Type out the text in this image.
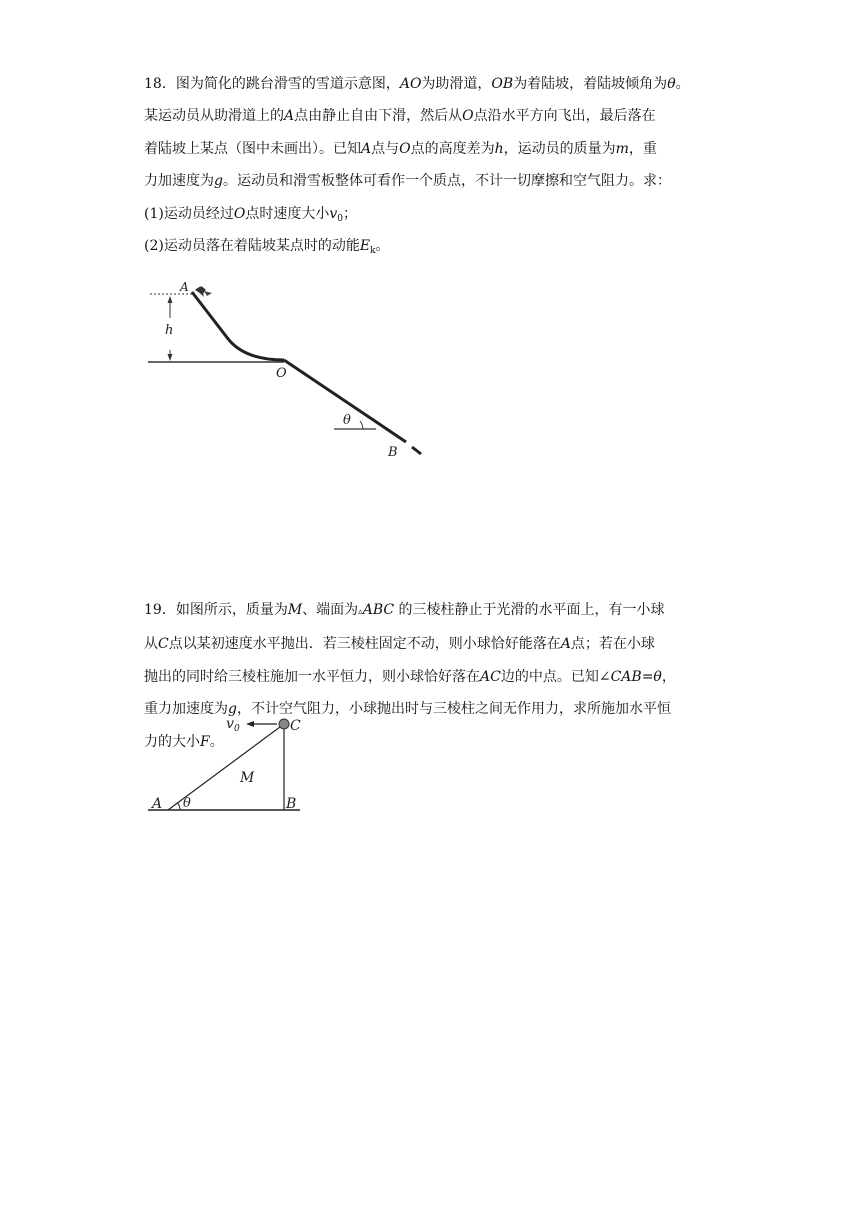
18．图为简化的跳台滑雪的雪道示意图，AO为助滑道，OB为着陆坡，着陆坡倾角为θ。
某运动员从助滑道上的A点由静止自由下滑，然后从O点沿水平方向飞出，最后落在
着陆坡上某点（图中未画出）。已知A点与O点的高度差为h，运动员的质量为m，重
力加速度为g。运动员和滑雪板整体可看作一个质点，不计一切摩擦和空气阻力。求：
(1)运动员经过O点时速度大小$v_0$；
(2)运动员落在着陆坡某点时的动能$E_k$。
h
A
O
θ
B
19．如图所示，质量为M、端面为▵ABC 的三棱柱静止于光滑的水平面上，有一小球
从C点以某初速度水平抛出．若三棱柱固定不动，则小球恰好能落在A点；若在小球
抛出的同时给三棱柱施加一水平恒力，则小球恰好落在AC边的中点。已知∠CAB=θ，
重力加速度为g，不计空气阻力，小球抛出时与三棱柱之间无作用力，求所施加水平恒
力的大小F。
v 0	C
M
A θ	B
